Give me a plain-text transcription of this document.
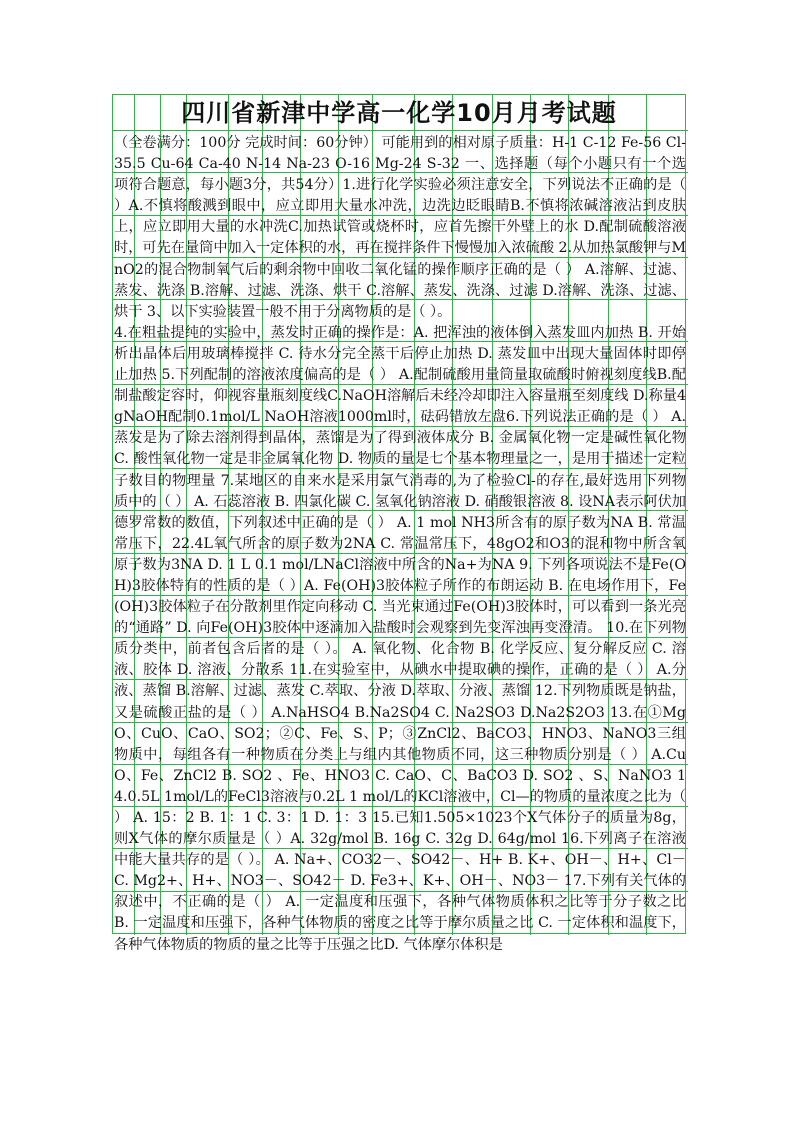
四川省新津中学高一化学10月月考试题

（全卷满分：100分 完成时间：60分钟） 可能用到的相对原子质量：H-1 C-12 Fe-56 Cl-35.5 Cu-64 Ca-40 N-14 Na-23 O-16 Mg-24 S-32 一、选择题（每个小题只有一个选项符合题意，每小题3分，共54分）1.进行化学实验必须注意安全，下列说法不正确的是（ ）A.不慎将酸溅到眼中，应立即用大量水冲洗，边洗边眨眼睛B.不慎将浓碱溶液沾到皮肤上，应立即用大量的水冲洗C.加热试管或烧杯时，应首先擦干外壁上的水 D.配制硫酸溶液时，可先在量筒中加入一定体积的水，再在搅拌条件下慢慢加入浓硫酸 2.从加热氯酸钾与MnO2的混合物制氧气后的剩余物中回收二氧化锰的操作顺序正确的是（ ） A.溶解、过滤、蒸发、洗涤 B.溶解、过滤、洗涤、烘干 C.溶解、蒸发、洗涤、过滤 D.溶解、洗涤、过滤、烘干 3、以下实验装置一般不用于分离物质的是（ ）。

4.在粗盐提纯的实验中，蒸发时正确的操作是：A. 把浑浊的液体倒入蒸发皿内加热 B. 开始析出晶体后用玻璃棒搅拌 C. 待水分完全蒸干后停止加热 D. 蒸发皿中出现大量固体时即停止加热 5.下列配制的溶液浓度偏高的是（ ） A.配制硫酸用量筒量取硫酸时俯视刻度线B.配制盐酸定容时，仰视容量瓶刻度线C.NaOH溶解后未经冷却即注入容量瓶至刻度线 D.称量4gNaOH配制0.1mol/L NaOH溶液1000ml时，砝码错放左盘6.下列说法正确的是（ ） A. 蒸发是为了除去溶剂得到晶体，蒸馏是为了得到液体成分 B. 金属氧化物一定是碱性氧化物 C. 酸性氧化物一定是非金属氧化物 D. 物质的量是七个基本物理量之一，是用于描述一定粒子数目的物理量 7.某地区的自来水是采用氯气消毒的,为了检验Cl-的存在,最好选用下列物质中的（ ） A. 石蕊溶液 B. 四氯化碳 C. 氢氧化钠溶液 D. 硝酸银溶液 8. 设NA表示阿伏加德罗常数的数值，下列叙述中正确的是（ ） A. 1 mol NH3所含有的原子数为NA B. 常温常压下，22.4L氧气所含的原子数为2NA C. 常温常压下，48gO2和O3的混和物中所含氧原子数为3NA D. 1 L 0.1 mol/LNaCl溶液中所含的Na+为NA 9. 下列各项说法不是Fe(OH)3胶体特有的性质的是（ ）A. Fe(OH)3胶体粒子所作的布朗运动 B. 在电场作用下，Fe(OH)3胶体粒子在分散剂里作定向移动 C. 当光束通过Fe(OH)3胶体时，可以看到一条光亮的“通路” D. 向Fe(OH)3胶体中逐滴加入盐酸时会观察到先变浑浊再变澄清。 10.在下列物质分类中，前者包含后者的是（ ）。 A. 氧化物、化合物 B. 化学反应、复分解反应 C. 溶液、胶体 D. 溶液、分散系 11.在实验室中，从碘水中提取碘的操作，正确的是（ ） A.分液、蒸馏 B.溶解、过滤、蒸发 C.萃取、分液 D.萃取、分液、蒸馏 12.下列物质既是钠盐，又是硫酸正盐的是（ ） A.NaHSO4 B.Na2SO4 C. Na2SO3 D.Na2S2O3 13.在①MgO、CuO、CaO、SO2；②C、Fe、S、P；③ZnCl2、BaCO3、HNO3、NaNO3三组物质中，每组各有一种物质在分类上与组内其他物质不同，这三种物质分别是（ ） A.CuO、Fe、ZnCl2 B. SO2 、Fe、HNO3 C. CaO、C、BaCO3 D. SO2 、S、NaNO3 14.0.5L 1mol/L的FeCl3溶液与0.2L 1 mol/L的KCl溶液中，Cl—的物质的量浓度之比为（ ） A. 15：2 B. 1：1 C. 3：1 D. 1：3 15.已知1.505×1023个X气体分子的质量为8g，则X气体的摩尔质量是（ ）A. 32g/mol B. 16g C. 32g D. 64g/mol 16.下列离子在溶液中能大量共存的是（ ）。 A. Na+、CO32－、SO42－、H+ B. K+、OH－、H+、Cl－ C. Mg2+、H+、NO3－、SO42－ D. Fe3+、K+、OH－、NO3－ 17.下列有关气体的叙述中，不正确的是（ ） A. 一定温度和压强下，各种气体物质体积之比等于分子数之比 B. 一定温度和压强下，各种气体物质的密度之比等于摩尔质量之比 C. 一定体积和温度下，各种气体物质的物质的量之比等于压强之比D. 气体摩尔体积是
